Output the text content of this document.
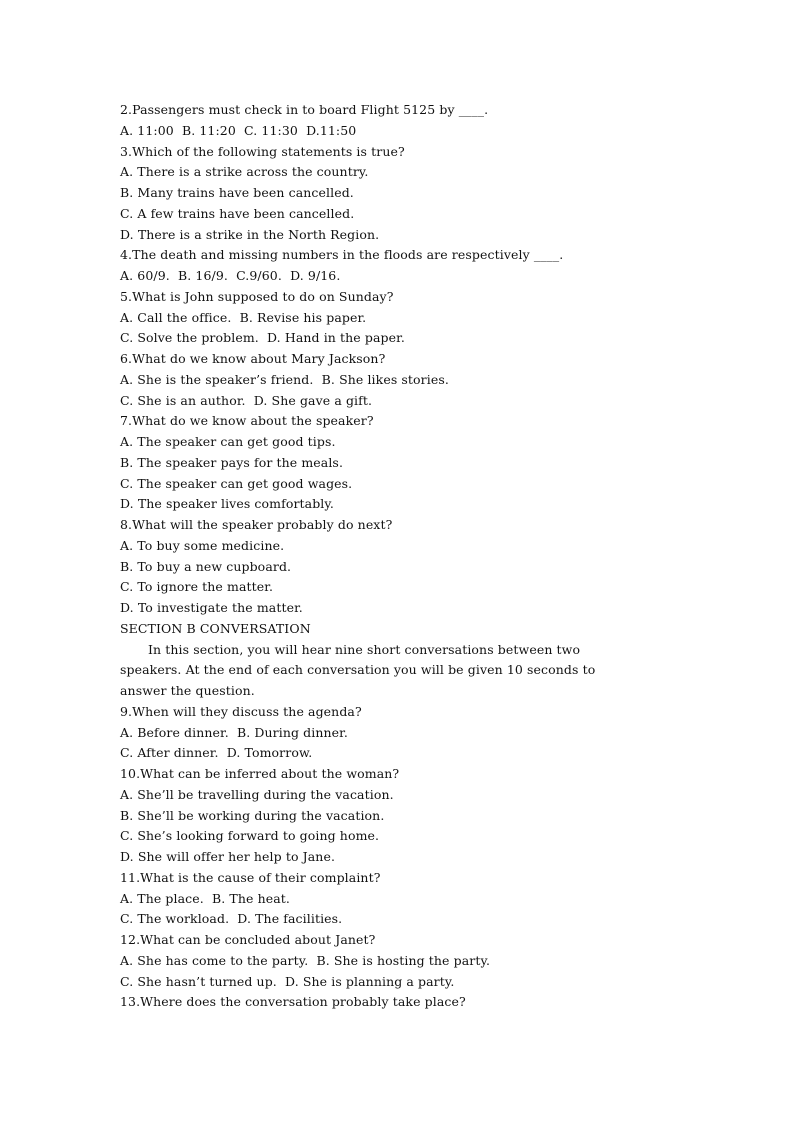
2.Passengers must check in to board Flight 5125 by ____.
A. 11:00  B. 11:20  C. 11:30  D.11:50
3.Which of the following statements is true?
A. There is a strike across the country.
B. Many trains have been cancelled.
C. A few trains have been cancelled.
D. There is a strike in the North Region.
4.The death and missing numbers in the floods are respectively ____.
A. 60/9.  B. 16/9.  C.9/60.  D. 9/16.
5.What is John supposed to do on Sunday?
A. Call the office.  B. Revise his paper.
C. Solve the problem.  D. Hand in the paper.
6.What do we know about Mary Jackson?
A. She is the speaker’s friend.  B. She likes stories.
C. She is an author.  D. She gave a gift.
7.What do we know about the speaker?
A. The speaker can get good tips.
B. The speaker pays for the meals.
C. The speaker can get good wages.
D. The speaker lives comfortably.
8.What will the speaker probably do next?
A. To buy some medicine.
B. To buy a new cupboard.
C. To ignore the matter.
D. To investigate the matter.
SECTION B CONVERSATION
In this section, you will hear nine short conversations between two
speakers. At the end of each conversation you will be given 10 seconds to
answer the question.
9.When will they discuss the agenda?
A. Before dinner.  B. During dinner.
C. After dinner.  D. Tomorrow.
10.What can be inferred about the woman?
A. She’ll be travelling during the vacation.
B. She’ll be working during the vacation.
C. She’s looking forward to going home.
D. She will offer her help to Jane.
11.What is the cause of their complaint?
A. The place.  B. The heat.
C. The workload.  D. The facilities.
12.What can be concluded about Janet?
A. She has come to the party.  B. She is hosting the party.
C. She hasn’t turned up.  D. She is planning a party.
13.Where does the conversation probably take place?
